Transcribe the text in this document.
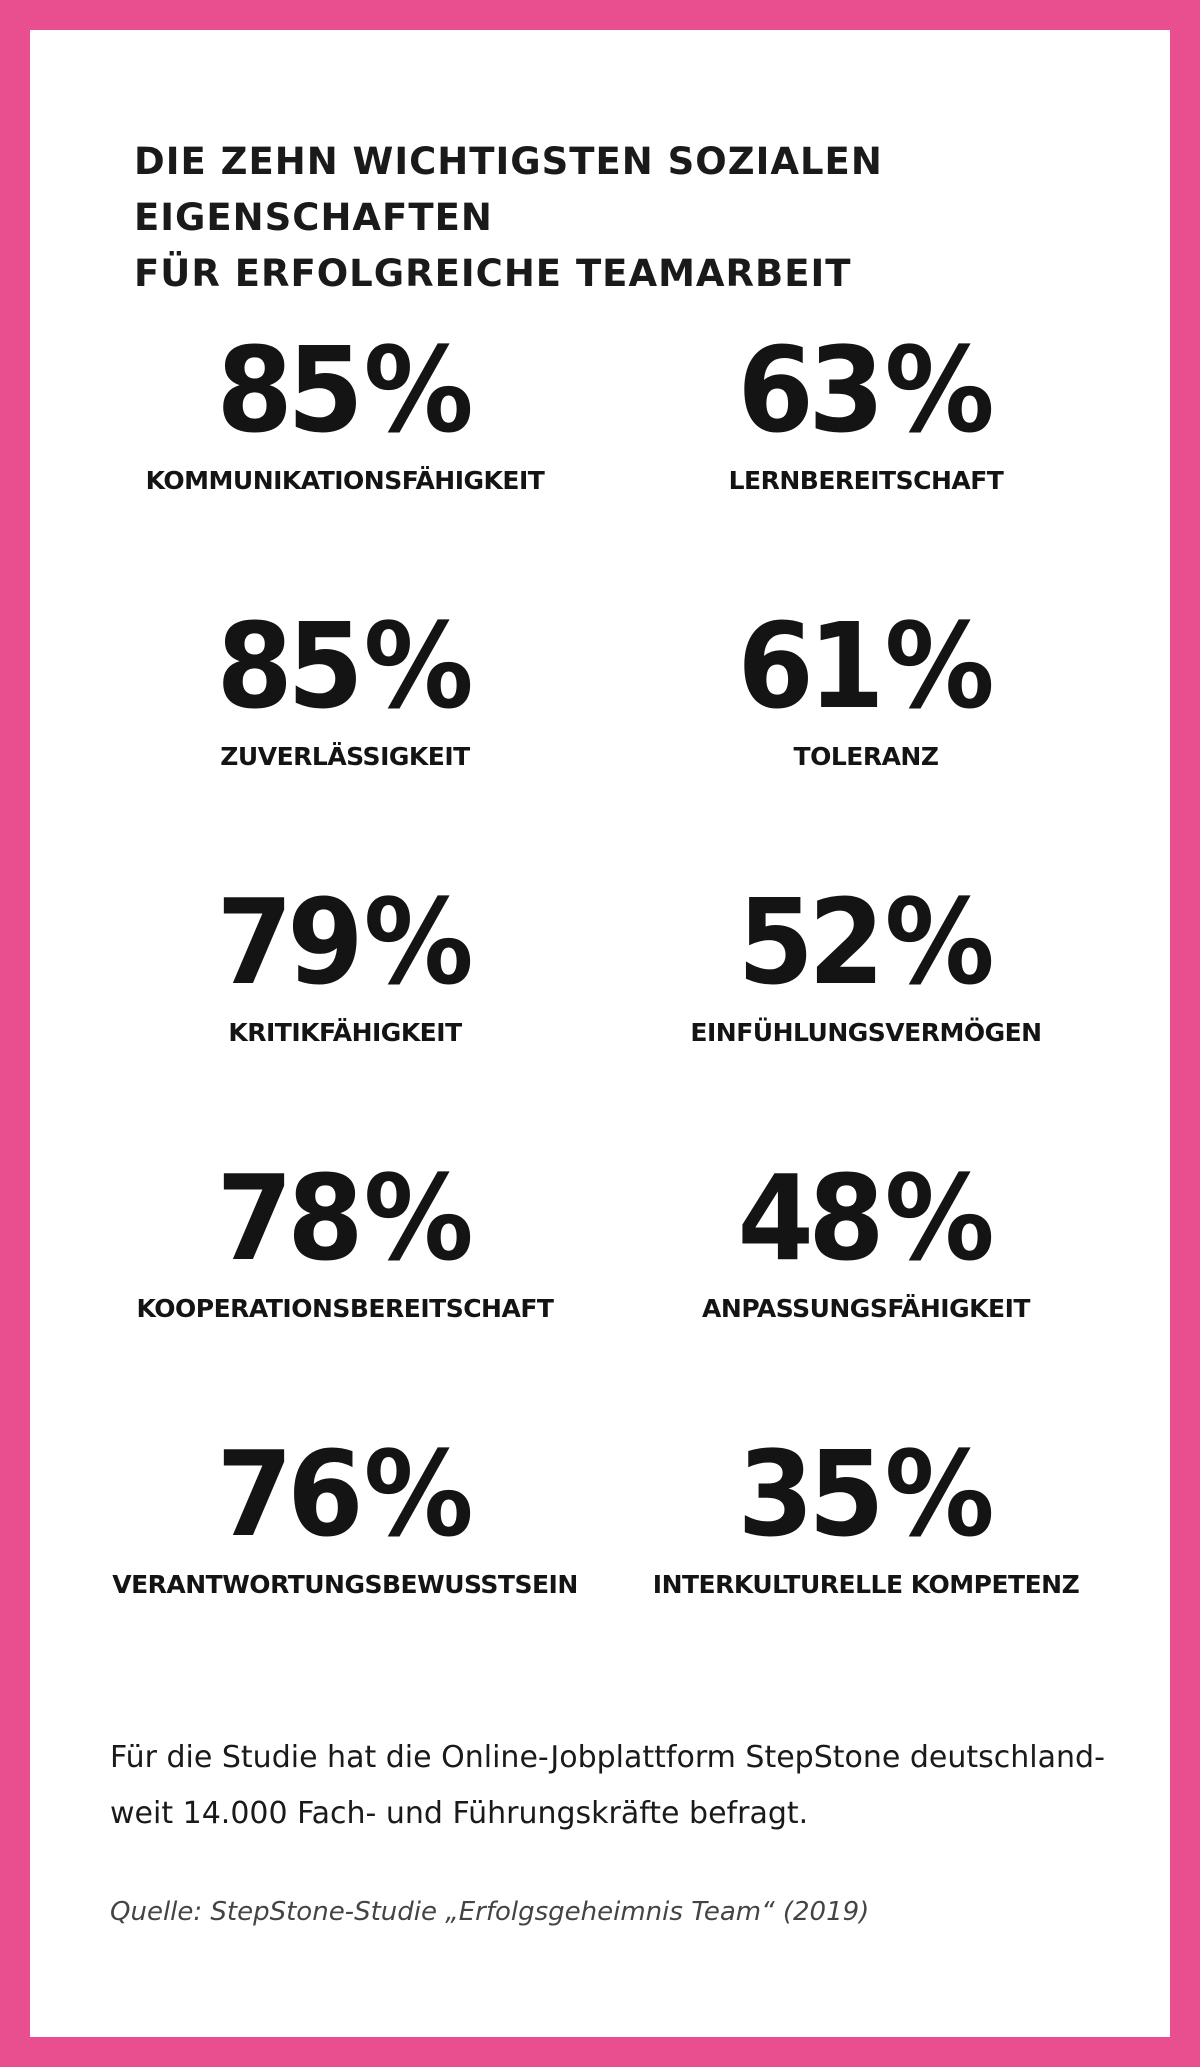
DIE ZEHN WICHTIGSTEN SOZIALEN EIGENSCHAFTEN
FÜR ERFOLGREICHE TEAMARBEIT
85%
KOMMUNIKATIONSFÄHIGKEIT
63%
LERNBEREITSCHAFT
85%
ZUVERLÄSSIGKEIT
61%
TOLERANZ
79%
KRITIKFÄHIGKEIT
52%
EINFÜHLUNGSVERMÖGEN
78%
KOOPERATIONSBEREITSCHAFT
48%
ANPASSUNGSFÄHIGKEIT
76%
VERANTWORTUNGSBEWUSSTSEIN
35%
INTERKULTURELLE KOMPETENZ

Für die Studie hat die Online-Jobplattform StepStone deutschland-
weit 14.000 Fach- und Führungskräfte befragt.

Quelle: StepStone-Studie „Erfolgsgeheimnis Team“ (2019)
